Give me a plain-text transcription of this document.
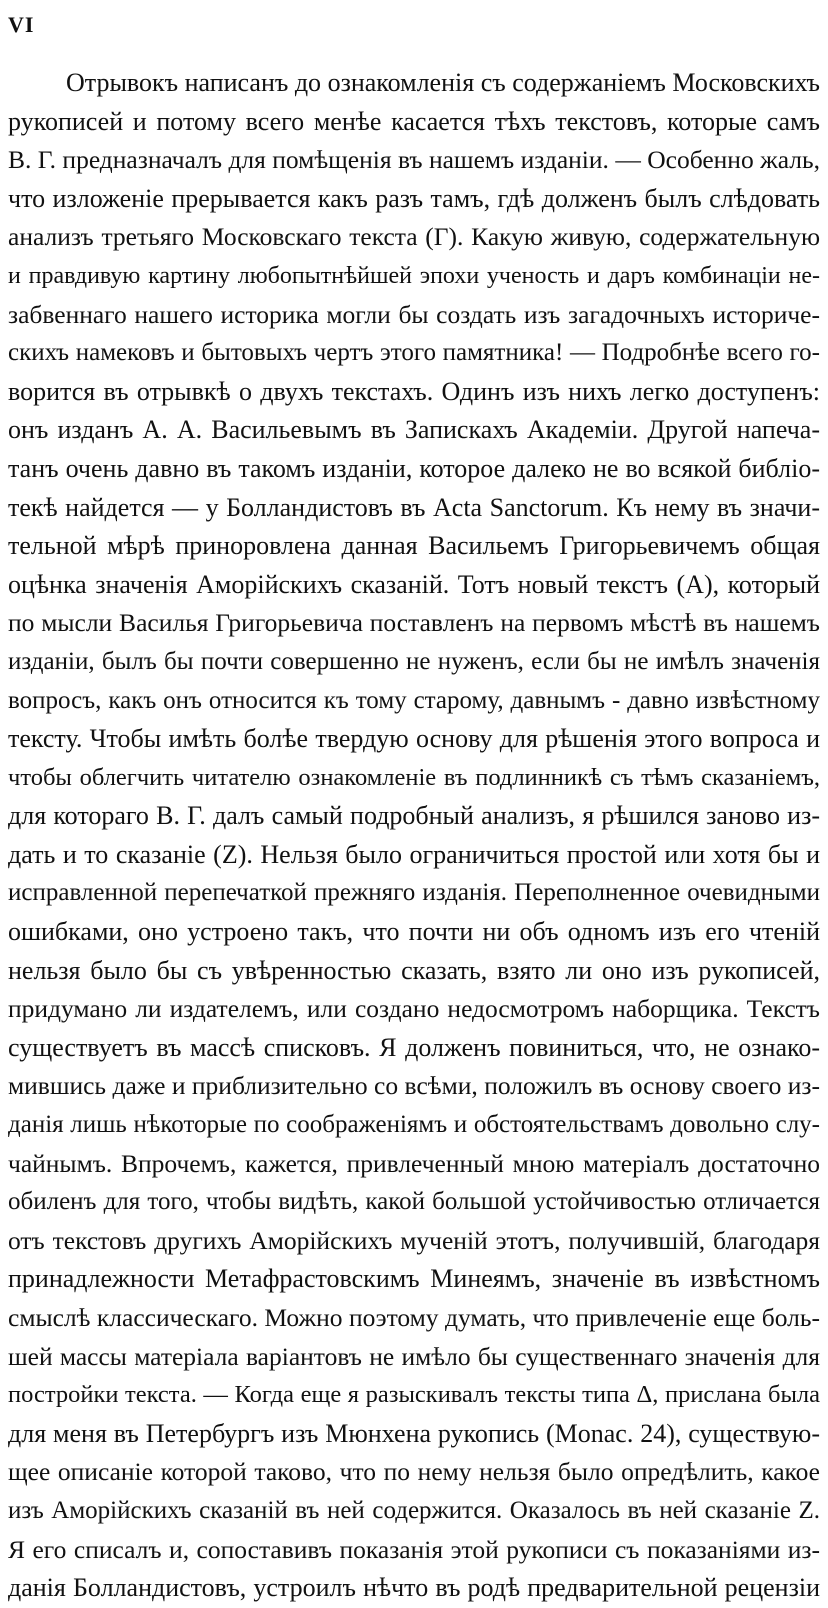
VI
Отрывокъ написанъ до ознакомленія съ содержаніемъ Московскихъ
рукописей и потому всего менѣе касается тѣхъ текстовъ, которые самъ
В. Г. предназначалъ для помѣщенія въ нашемъ изданіи. — Особенно жаль,
что изложеніе прерывается какъ разъ тамъ, гдѣ долженъ былъ слѣдовать
анализъ третьяго Московскаго текста (Г). Какую живую, содержательную
и правдивую картину любопытнѣйшей эпохи ученость и даръ комбинаціи не-
забвеннаго нашего историка могли бы создать изъ загадочныхъ историче-
скихъ намековъ и бытовыхъ чертъ этого памятника! — Подробнѣе всего го-
ворится въ отрывкѣ о двухъ текстахъ. Одинъ изъ нихъ легко доступенъ:
онъ изданъ А. А. Васильевымъ въ Запискахъ Академіи. Другой напеча-
танъ очень давно въ такомъ изданіи, которое далеко не во всякой библіо-
текѣ найдется — у Болландистовъ въ Acta Sanctorum. Къ нему въ значи-
тельной мѣрѣ приноровлена данная Васильемъ Григорьевичемъ общая
оцѣнка значенія Аморійскихъ сказаній. Тотъ новый текстъ (А), который
по мысли Василья Григорьевича поставленъ на первомъ мѣстѣ въ нашемъ
изданіи, былъ бы почти совершенно не нуженъ, если бы не имѣлъ значенія
вопросъ, какъ онъ относится къ тому старому, давнымъ - давно извѣстному
тексту. Чтобы имѣть болѣе твердую основу для рѣшенія этого вопроса и
чтобы облегчить читателю ознакомленіе въ подлинникѣ съ тѣмъ сказаніемъ,
для котораго В. Г. далъ самый подробный анализъ, я рѣшился заново из-
дать и то сказаніе (Z). Нельзя было ограничиться простой или хотя бы и
исправленной перепечаткой прежняго изданія. Переполненное очевидными
ошибками, оно устроено такъ, что почти ни объ одномъ изъ его чтеній
нельзя было бы съ увѣренностью сказать, взято ли оно изъ рукописей,
придумано ли издателемъ, или создано недосмотромъ наборщика. Текстъ
существуетъ въ массѣ списковъ. Я долженъ повиниться, что, не ознако-
мившись даже и приблизительно со всѣми, положилъ въ основу своего из-
данія лишь нѣкоторые по соображеніямъ и обстоятельствамъ довольно слу-
чайнымъ. Впрочемъ, кажется, привлеченный мною матеріалъ достаточно
обиленъ для того, чтобы видѣть, какой большой устойчивостью отличается
отъ текстовъ другихъ Аморійскихъ мученій этотъ, получившій, благодаря
принадлежности Метафрастовскимъ Минеямъ, значеніе въ извѣстномъ
смыслѣ классическаго. Можно поэтому думать, что привлеченіе еще боль-
шей массы матеріала варіантовъ не имѣло бы существеннаго значенія для
постройки текста. — Когда еще я разыскивалъ тексты типа Δ, прислана была
для меня въ Петербургъ изъ Мюнхена рукопись (Monac. 24), существую-
щее описаніе которой таково, что по нему нельзя было опредѣлить, какое
изъ Аморійскихъ сказаній въ ней содержится. Оказалось въ ней сказаніе Z.
Я его списалъ и, сопоставивъ показанія этой рукописи съ показаніями из-
данія Болландистовъ, устроилъ нѣчто въ родѣ предварительной рецензіи
